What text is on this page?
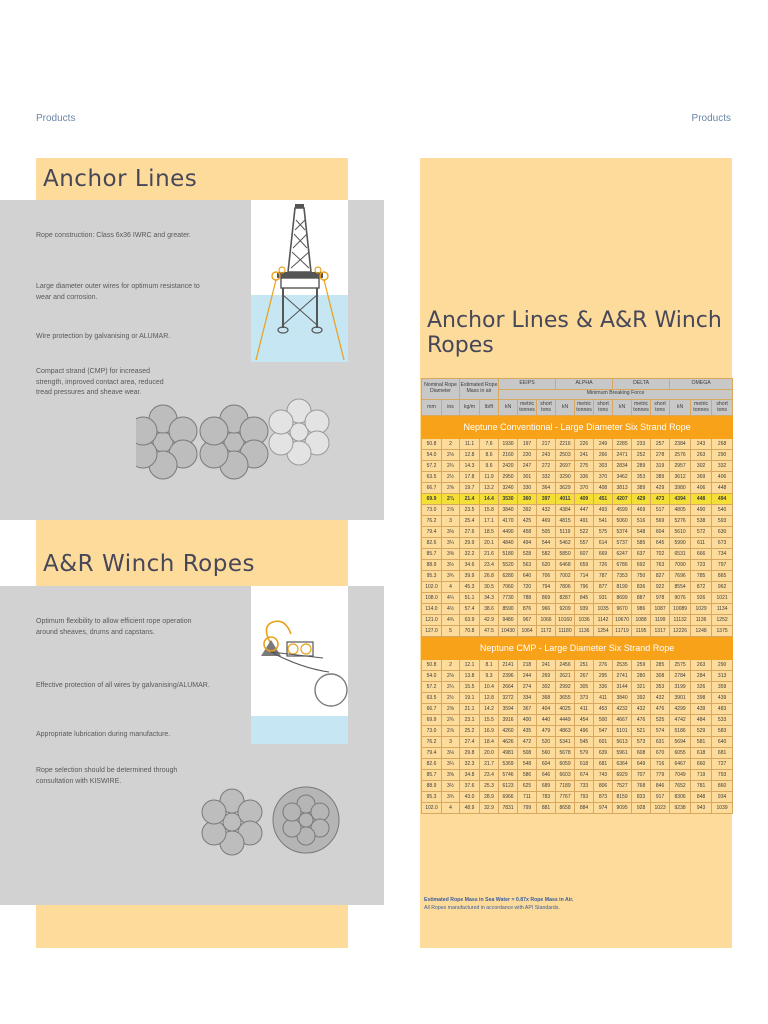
Products	Products
Anchor Lines
Rope construction: Class 6x36 IWRC and greater.
Large diameter outer wires for optimum resistance to wear and corrosion.
Wire protection by galvanising or ALUMAR.
Compact strand (CMP) for increased strength, improved contact area, reduced tread pressures and sheave wear.
A&R Winch Ropes
Optimum flexibility to allow efficient rope operation around sheaves, drums and capstans.
Effective protection of all wires by galvanising/ALUMAR.
Appropriate lubrication during manufacture.
Rope selection should be determined through consultation with KISWIRE.
Anchor Lines & A&R Winch Ropes
Nominal Rope Diameter		Estimated Rope Mass in air		EEIPS			ALPHA			DELTA			OMEGA		
				Minimum Breaking Force											
mm	ins	kg/m	lb/ft	kN	metric tonnes	short tons	kN	metric tonnes	short tons	kN	metric tonnes	short tons	kN	metric tonnes	short tons
Neptune Conventional - Large Diameter Six Strand Rope															
50.8	2	11.1	7.6	1930	197	217	2216	226	249	2285	233	257	2384	243	268
54.0	2⅛	12.8	8.6	2160	220	243	2503	241	266	2471	252	278	2576	263	290
57.2	2¼	14.3	9.6	2420	247	272	2697	275	303	2834	289	319	2957	302	332
63.5	2½	17.8	11.9	2950	301	332	3290	336	370	3462	353	389	3612	369	406
66.7	2⅝	19.7	13.2	3240	330	364	3629	370	408	3813	389	429	3980	406	448
69.9	2¾	21.4	14.4	3530	360	397	4011	409	451	4207	429	473	4394	448	494
73.0	2⅞	23.5	15.8	3840	392	432	4384	447	493	4599	469	517	4805	490	540
76.2	3	25.4	17.1	4170	425	469	4815	491	541	5060	516	569	5276	538	593
79.4	3⅛	27.6	18.5	4490	458	505	5119	522	575	5374	548	604	5610	572	630
82.6	3¼	29.9	20.1	4840	494	544	5462	557	614	5737	585	645	5990	611	673
85.7	3⅜	32.2	21.6	5180	528	582	5850	607	669	6247	637	702	6531	666	734
88.9	3½	34.6	23.4	5520	563	620	6468	659	726	6786	692	763	7090	723	797
95.3	3¾	39.9	26.8	6280	640	706	7002	714	787	7353	750	827	7696	785	865
102.0	4	45.3	30.5	7060	720	794	7806	796	877	8199	836	922	8554	872	962
108.0	4¼	51.1	34.3	7730	788	869	8287	845	931	8699	887	978	9076	926	1021
114.0	4½	57.4	38.6	8590	876	966	9209	939	1035	9670	986	1087	10089	1029	1134
121.0	4¾	63.9	42.9	9480	967	1066	10160	1036	1142	10670	1088	1199	11132	1136	1252
127.0	5	70.8	47.5	10430	1064	1172	11180	1136	1254	11719	1195	1317	12226	1248	1375
Neptune CMP - Large Diameter Six Strand Rope															
50.8	2	12.1	8.1	2141	218	241	2456	251	276	2535	259	285	2575	263	290
54.0	2⅛	13.8	9.3	2396	244	269	2621	267	295	2741	280	308	2784	284	313
57.2	2¼	15.5	10.4	2664	274	302	2992	305	336	3144	321	353	3199	326	359
63.5	2½	19.1	12.8	3272	334	368	3655	373	411	3840	392	432	3901	398	439
66.7	2⅝	21.1	14.2	3594	367	404	4025	411	453	4232	432	476	4299	439	483
69.9	2¾	23.1	15.5	3916	400	440	4449	454	500	4667	476	525	4742	484	533
73.0	2⅞	25.2	16.9	4260	435	479	4863	496	547	5101	521	574	5186	529	583
76.2	3	27.4	18.4	4626	472	520	5341	545	601	5613	573	631	5694	581	640
79.4	3⅛	29.8	20.0	4981	508	560	5678	579	639	5961	608	670	6055	618	681
82.6	3¼	32.3	21.7	5369	548	604	6059	618	681	6364	649	716	6467	660	727
85.7	3⅜	34.8	23.4	5746	586	646	6603	674	743	6929	707	779	7049	719	793
88.9	3½	37.6	25.3	6123	625	689	7189	733	806	7527	768	846	7652	781	860
95.3	3¾	43.0	28.9	6966	711	783	7767	793	873	8159	833	917	8306	848	934
102.0	4	48.9	32.9	7831	799	881	8658	884	974	9095	928	1023	9238	943	1039
Estimated Rope Mass in Sea Water = 0.87x Rope Mass in Air.
All Ropes manufactured in accordance with API Standards.
